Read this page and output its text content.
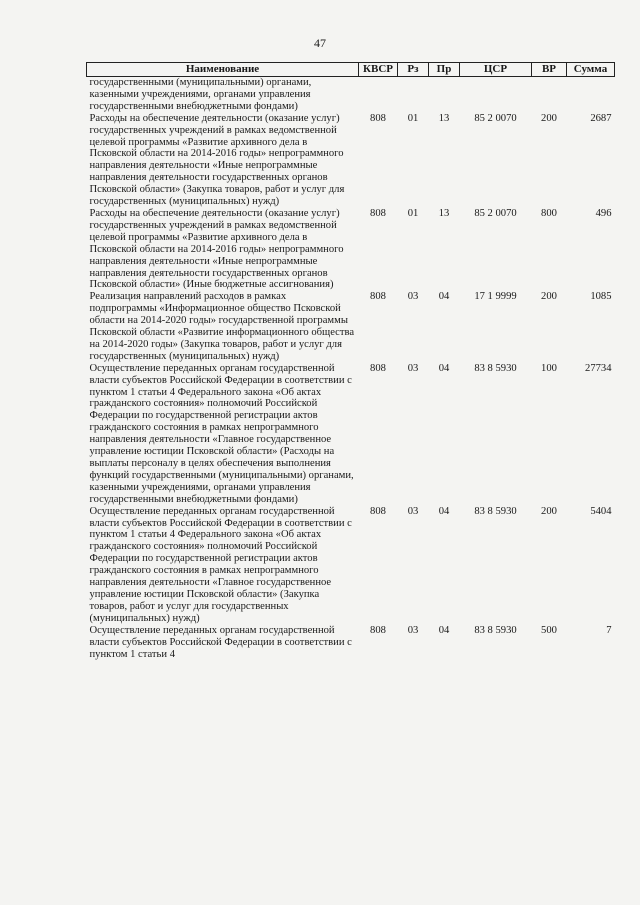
47
Наименование	КВСР	Рз	Пр	ЦСР	ВР	Сумма
государственными (муниципальными) органами, казенными учреждениями, органами управления государственными внебюджетными фондами)						
Расходы на обеспечение деятельности (оказание услуг) государственных учреждений в рамках ведомственной целевой программы «Развитие архивного дела в Псковской области на 2014-2016 годы» непрограммного направления деятельности «Иные непрограммные направления деятельности государственных органов Псковской области» (Закупка товаров, работ и услуг для государственных (муниципальных) нужд)	808	01	13	85 2 0070	200	2687
Расходы на обеспечение деятельности (оказание услуг) государственных учреждений в рамках ведомственной целевой программы «Развитие архивного дела в Псковской области на 2014-2016 годы» непрограммного направления деятельности «Иные непрограммные направления деятельности государственных органов Псковской области» (Иные бюджетные ассигнования)	808	01	13	85 2 0070	800	496
Реализация направлений расходов в рамках подпрограммы «Информационное общество Псковской области на 2014-2020 годы» государственной программы Псковской области «Развитие информационного общества на 2014-2020 годы» (Закупка товаров, работ и услуг для государственных (муниципальных) нужд)	808	03	04	17 1 9999	200	1085
Осуществление переданных органам государственной власти субъектов Российской Федерации в соответствии с пунктом 1 статьи 4 Федерального закона «Об актах гражданского состояния» полномочий Российской Федерации по государственной регистрации актов гражданского состояния в рамках непрограммного направления деятельности «Главное государственное управление юстиции Псковской области» (Расходы на выплаты персоналу в целях обеспечения выполнения функций государственными (муниципальными) органами, казенными учреждениями, органами управления государственными внебюджетными фондами)	808	03	04	83 8 5930	100	27734
Осуществление переданных органам государственной власти субъектов Российской Федерации в соответствии с пунктом 1 статьи 4 Федерального закона «Об актах гражданского состояния» полномочий Российской Федерации по государственной регистрации актов гражданского состояния в рамках непрограммного направления деятельности «Главное государственное управление юстиции Псковской области» (Закупка товаров, работ и услуг для государственных (муниципальных) нужд)	808	03	04	83 8 5930	200	5404
Осуществление переданных органам государственной власти субъектов Российской Федерации в соответствии с пунктом 1 статьи 4	808	03	04	83 8 5930	500	7
